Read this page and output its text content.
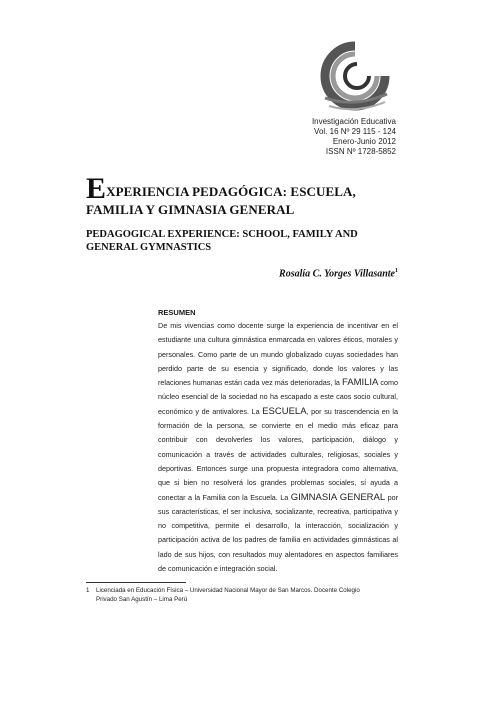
Investigación Educativa
Vol. 16 Nº 29 115 - 124
Enero-Junio 2012
ISSN Nº 1728-5852
EXPERIENCIA PEDAGÓGICA: ESCUELA,
FAMILIA Y GIMNASIA GENERAL
PEDAGOGICAL EXPERIENCE: SCHOOL, FAMILY AND
GENERAL GYMNASTICS
Rosalía C. Yorges Villasante$^1$
RESUMEN
De mis vivencias como docente surge la experiencia de incentivar en el estudiante una cultura gimnástica enmarcada en valores éticos, morales y personales. Como parte de un mundo globalizado cuyas sociedades han perdido parte de su esencia y significado, donde los valores y las relaciones humanas están cada vez más deterioradas, la FAMILIA como núcleo esencial de la sociedad no ha escapado a este caos socio cultural, económico y de antivalores. La ESCUELA, por su trascendencia en la formación de la persona, se convierte en el medio más eficaz para contribuir con devolverles los valores, participación, diálogo y comunicación a través de actividades culturales, religiosas, sociales y deportivas. Entonces surge una propuesta integradora como alternativa, que si bien no resolverá los grandes problemas sociales, sí ayuda a conectar a la Familia con la Escuela. La GIMNASIA GENERAL por sus características, el ser inclusiva, socializante, recreativa, participativa y no competitiva, permite el desarrollo, la interacción, socialización y participación activa de los padres de familia en actividades gimnásticas al lado de sus hijos, con resultados muy alentadores en aspectos familiares de comunicación e integración social.
1 Licenciada en Educación Física – Universidad Nacional Mayor de San Marcos. Docente Colegio
Privado San Agustín – Lima Perú
